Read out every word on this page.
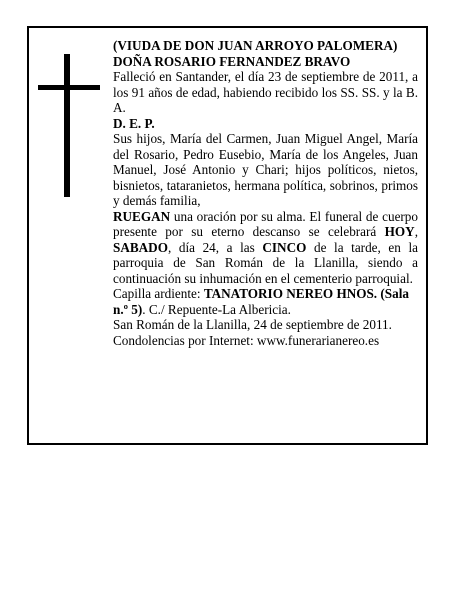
(VIUDA DE DON JUAN ARROYO PALOMERA)

DOÑA ROSARIO FERNANDEZ BRAVO

Falleció en Santander, el día 23 de septiembre de 2011, a los 91 años de edad, habiendo recibido los SS. SS. y la B. A.

D. E. P.

Sus hijos, María del Carmen, Juan Miguel Angel, María del Rosario, Pedro Eusebio, María de los Angeles, Juan Manuel, José Antonio y Chari; hijos políticos, nietos, bisnietos, tataranietos, hermana política, sobrinos, primos y demás familia,

RUEGAN una oración por su alma. El funeral de cuerpo presente por su eterno descanso se celebrará HOY, SABADO, día 24, a las CINCO de la tarde, en la parroquia de San Román de la Llanilla, siendo a continuación su inhumación en el cementerio parroquial.

Capilla ardiente: TANATORIO NEREO HNOS. (Sala n.º 5). C./ Repuente-La Albericia.

San Román de la Llanilla, 24 de septiembre de 2011.

Condolencias por Internet: www.funerarianereo.es
